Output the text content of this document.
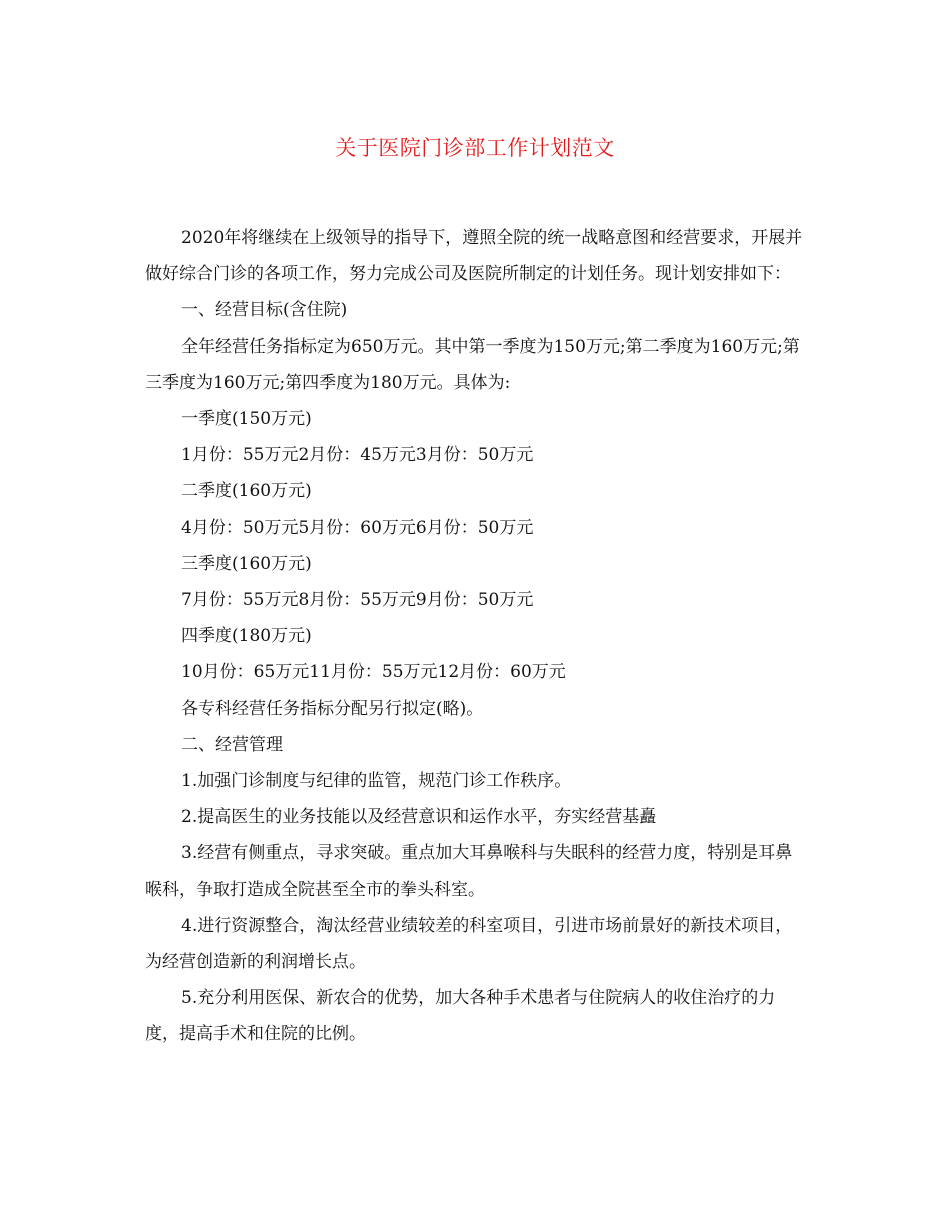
关于医院门诊部工作计划范文

2020年将继续在上级领导的指导下，遵照全院的统一战略意图和经营要求，开展并做好综合门诊的各项工作，努力完成公司及医院所制定的计划任务。现计划安排如下：

一、经营目标(含住院)

全年经营任务指标定为650万元。其中第一季度为150万元;第二季度为160万元;第三季度为160万元;第四季度为180万元。具体为:

一季度(150万元)

1月份：55万元2月份：45万元3月份：50万元

二季度(160万元)

4月份：50万元5月份：60万元6月份：50万元

三季度(160万元)

7月份：55万元8月份：55万元9月份：50万元

四季度(180万元)

10月份：65万元11月份：55万元12月份：60万元

各专科经营任务指标分配另行拟定(略)。

二、经营管理

1.加强门诊制度与纪律的监管，规范门诊工作秩序。

2.提高医生的业务技能以及经营意识和运作水平，夯实经营基矗

3.经营有侧重点，寻求突破。重点加大耳鼻喉科与失眠科的经营力度，特别是耳鼻喉科，争取打造成全院甚至全市的拳头科室。

4.进行资源整合，淘汰经营业绩较差的科室项目，引进市场前景好的新技术项目，为经营创造新的利润增长点。

5.充分利用医保、新农合的优势，加大各种手术患者与住院病人的收住治疗的力度，提高手术和住院的比例。
